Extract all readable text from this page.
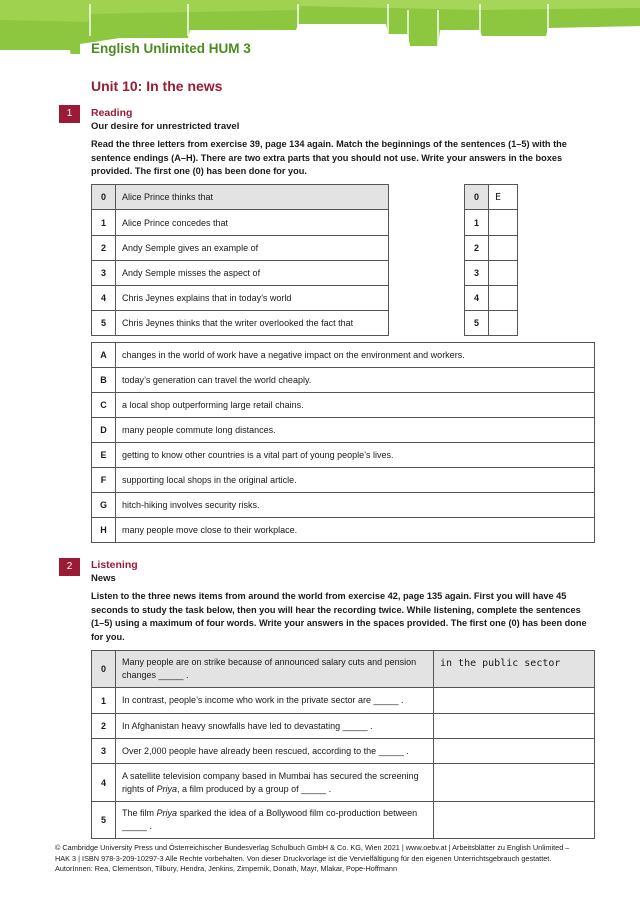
English Unlimited HUM 3
Unit 10: In the news
1	Reading
Our desire for unrestricted travel
Read the three letters from exercise 39, page 134 again. Match the beginnings of the sentences (1–5) with the sentence endings (A–H). There are two extra parts that you should not use. Write your answers in the boxes provided. The first one (0) has been done for you.
0	Alice Prince thinks that
1	Alice Prince concedes that
2	Andy Semple gives an example of
3	Andy Semple misses the aspect of
4	Chris Jeynes explains that in today’s world
5	Chris Jeynes thinks that the writer overlooked the fact that
0	E
1	
2	
3	
4	
5	
A	changes in the world of work have a negative impact on the environment and workers.
B	today’s generation can travel the world cheaply.
C	a local shop outperforming large retail chains.
D	many people commute long distances.
E	getting to know other countries is a vital part of young people’s lives.
F	supporting local shops in the original article.
G	hitch-hiking involves security risks.
H	many people move close to their workplace.
2	Listening
News
Listen to the three news items from around the world from exercise 42, page 135 again. First you will have 45 seconds to study the task below, then you will hear the recording twice. While listening, complete the sentences (1–5) using a maximum of four words. Write your answers in the spaces provided. The first one (0) has been done for you.
0	Many people are on strike because of announced salary cuts and pension changes _____ .	in the public sector
1	In contrast, people’s income who work in the private sector are _____ .	
2	In Afghanistan heavy snowfalls have led to devastating _____ .	
3	Over 2,000 people have already been rescued, according to the _____ .	
4	A satellite television company based in Mumbai has secured the screening rights of Priya, a film produced by a group of _____ .	
5	The film Priya sparked the idea of a Bollywood film co-production between _____ .	
© Cambridge University Press und Österreichischer Bundesverlag Schulbuch GmbH & Co. KG, Wien 2021 | www.oebv.at | Arbeitsblätter zu English Unlimited – HAK 3 | ISBN 978-3-209-10297-3 Alle Rechte vorbehalten. Von dieser Druckvorlage ist die Vervielfältigung für den eigenen Unterrichtsgebrauch gestattet.
AutorInnen: Rea, Clementson, Tilbury, Hendra, Jenkins, Zimpernik, Donath, Mayr, Mlakar, Pope-Hoffmann
